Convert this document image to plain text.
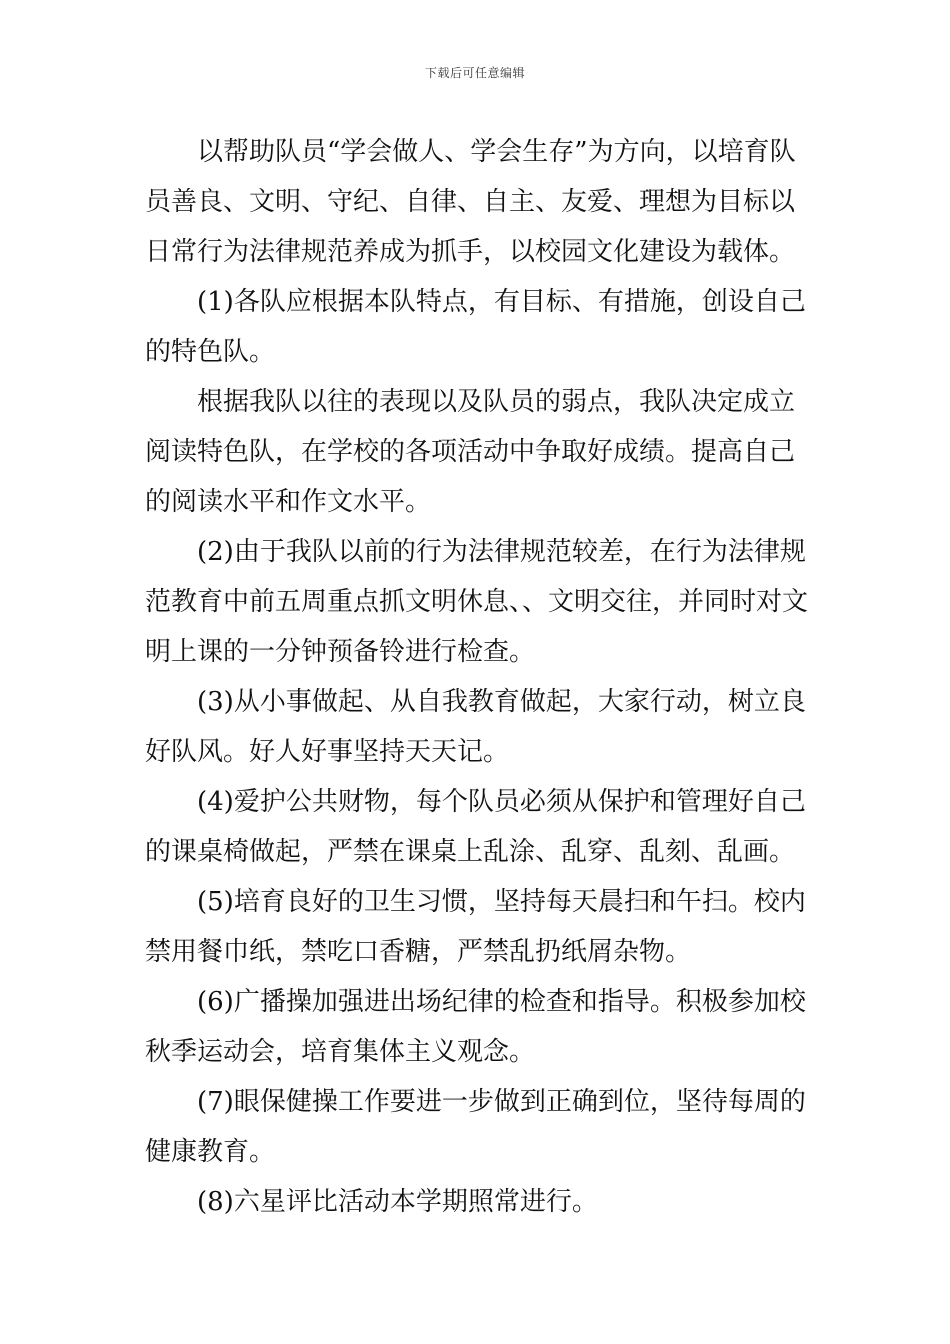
下载后可任意编辑

以帮助队员“学会做人、学会生存”为方向，以培育队员善良、文明、守纪、自律、自主、友爱、理想为目标以日常行为法律规范养成为抓手，以校园文化建设为载体。

(1)各队应根据本队特点，有目标、有措施，创设自己的特色队。

根据我队以往的表现以及队员的弱点，我队决定成立阅读特色队，在学校的各项活动中争取好成绩。提高自己的阅读水平和作文水平。

(2)由于我队以前的行为法律规范较差，在行为法律规范教育中前五周重点抓文明休息、、文明交往，并同时对文明上课的一分钟预备铃进行检查。

(3)从小事做起、从自我教育做起，大家行动，树立良好队风。好人好事坚持天天记。

(4)爱护公共财物，每个队员必须从保护和管理好自己的课桌椅做起，严禁在课桌上乱涂、乱穿、乱刻、乱画。

(5)培育良好的卫生习惯，坚持每天晨扫和午扫。校内禁用餐巾纸，禁吃口香糖，严禁乱扔纸屑杂物。

(6)广播操加强进出场纪律的检查和指导。积极参加校秋季运动会，培育集体主义观念。

(7)眼保健操工作要进一步做到正确到位，坚待每周的健康教育。

(8)六星评比活动本学期照常进行。
